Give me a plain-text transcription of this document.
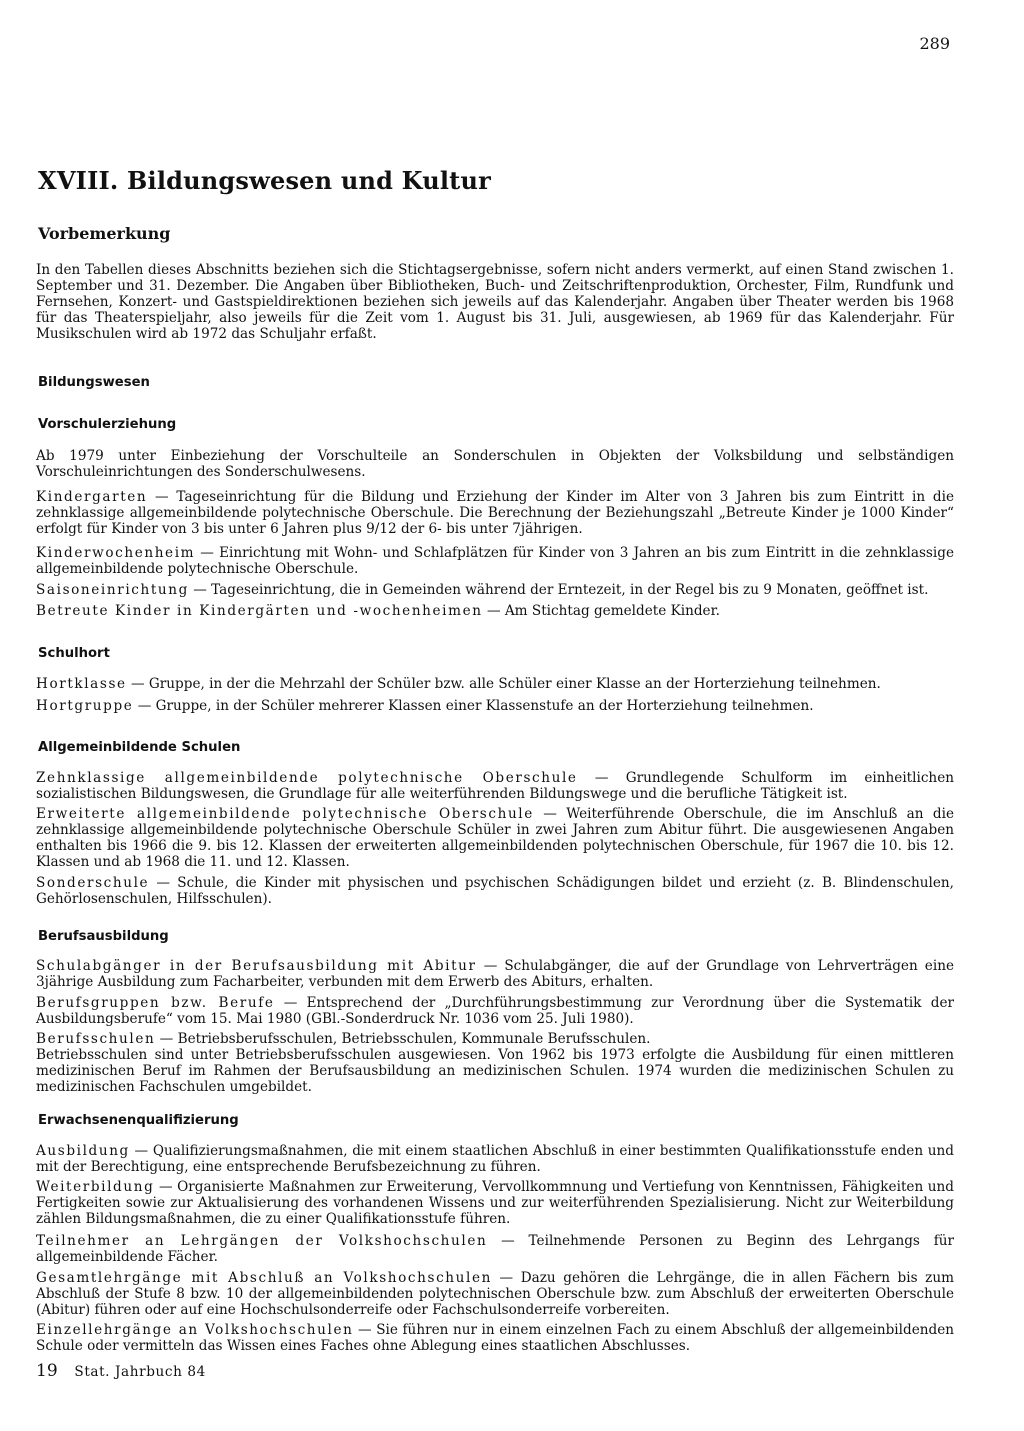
289
XVIII. Bildungswesen und Kultur
Vorbemerkung

In den Tabellen dieses Abschnitts beziehen sich die Stichtagsergebnisse, sofern nicht anders vermerkt, auf einen Stand zwischen 1. September und 31. Dezember. Die Angaben über Bibliotheken, Buch- und Zeitschriftenproduktion, Orchester, Film, Rundfunk und Fernsehen, Konzert- und Gastspieldirektionen beziehen sich jeweils auf das Kalenderjahr. Angaben über Theater werden bis 1968 für das Theaterspieljahr, also jeweils für die Zeit vom 1. August bis 31. Juli, ausgewiesen, ab 1969 für das Kalenderjahr. Für Musikschulen wird ab 1972 das Schuljahr erfaßt.

Bildungswesen
Vorschulerziehung

Ab 1979 unter Einbeziehung der Vorschulteile an Sonderschulen in Objekten der Volksbildung und selbständigen Vorschuleinrichtungen des Sonderschulwesens.

Kindergarten — Tageseinrichtung für die Bildung und Erziehung der Kinder im Alter von 3 Jahren bis zum Eintritt in die zehnklassige allgemeinbildende polytechnische Oberschule. Die Berechnung der Beziehungszahl „Betreute Kinder je 1000 Kinder“ erfolgt für Kinder von 3 bis unter 6 Jahren plus 9/12 der 6- bis unter 7jährigen.

Kinderwochenheim — Einrichtung mit Wohn- und Schlafplätzen für Kinder von 3 Jahren an bis zum Eintritt in die zehnklassige allgemeinbildende polytechnische Oberschule.

Saisoneinrichtung — Tageseinrichtung, die in Gemeinden während der Erntezeit, in der Regel bis zu 9 Monaten, geöffnet ist.

Betreute Kinder in Kindergärten und -wochenheimen — Am Stichtag gemeldete Kinder.

Schulhort

Hortklasse — Gruppe, in der die Mehrzahl der Schüler bzw. alle Schüler einer Klasse an der Horterziehung teilnehmen.

Hortgruppe — Gruppe, in der Schüler mehrerer Klassen einer Klassenstufe an der Horterziehung teilnehmen.

Allgemeinbildende Schulen

Zehnklassige allgemeinbildende polytechnische Oberschule — Grundlegende Schulform im einheitlichen sozialistischen Bildungswesen, die Grundlage für alle weiterführenden Bildungswege und die berufliche Tätigkeit ist.

Erweiterte allgemeinbildende polytechnische Oberschule — Weiterführende Oberschule, die im Anschluß an die zehnklassige allgemeinbildende polytechnische Oberschule Schüler in zwei Jahren zum Abitur führt. Die ausgewiesenen Angaben enthalten bis 1966 die 9. bis 12. Klassen der erweiterten allgemeinbildenden polytechnischen Oberschule, für 1967 die 10. bis 12. Klassen und ab 1968 die 11. und 12. Klassen.

Sonderschule — Schule, die Kinder mit physischen und psychischen Schädigungen bildet und erzieht (z. B. Blindenschulen, Gehörlosenschulen, Hilfsschulen).

Berufsausbildung

Schulabgänger in der Berufsausbildung mit Abitur — Schulabgänger, die auf der Grundlage von Lehrverträgen eine 3jährige Ausbildung zum Facharbeiter, verbunden mit dem Erwerb des Abiturs, erhalten.

Berufsgruppen bzw. Berufe — Entsprechend der „Durchführungsbestimmung zur Verordnung über die Systematik der Ausbildungsberufe“ vom 15. Mai 1980 (GBl.-Sonderdruck Nr. 1036 vom 25. Juli 1980).

Berufsschulen — Betriebsberufsschulen, Betriebsschulen, Kommunale Berufsschulen.

Betriebsschulen sind unter Betriebsberufsschulen ausgewiesen. Von 1962 bis 1973 erfolgte die Ausbildung für einen mittleren medizinischen Beruf im Rahmen der Berufsausbildung an medizinischen Schulen. 1974 wurden die medizinischen Schulen zu medizinischen Fachschulen umgebildet.

Erwachsenenqualifizierung

Ausbildung — Qualifizierungsmaßnahmen, die mit einem staatlichen Abschluß in einer bestimmten Qualifikationsstufe enden und mit der Berechtigung, eine entsprechende Berufsbezeichnung zu führen.

Weiterbildung — Organisierte Maßnahmen zur Erweiterung, Vervollkommnung und Vertiefung von Kenntnissen, Fähigkeiten und Fertigkeiten sowie zur Aktualisierung des vorhandenen Wissens und zur weiterführenden Spezialisierung. Nicht zur Weiterbildung zählen Bildungsmaßnahmen, die zu einer Qualifikationsstufe führen.

Teilnehmer an Lehrgängen der Volkshochschulen — Teilnehmende Personen zu Beginn des Lehrgangs für allgemeinbildende Fächer.

Gesamtlehrgänge mit Abschluß an Volkshochschulen — Dazu gehören die Lehrgänge, die in allen Fächern bis zum Abschluß der Stufe 8 bzw. 10 der allgemeinbildenden polytechnischen Oberschule bzw. zum Abschluß der erweiterten Oberschule (Abitur) führen oder auf eine Hochschulsonderreife oder Fachschulsonderreife vorbereiten.

Einzellehrgänge an Volkshochschulen — Sie führen nur in einem einzelnen Fach zu einem Abschluß der allgemeinbildenden Schule oder vermitteln das Wissen eines Faches ohne Ablegung eines staatlichen Abschlusses.

19 Stat. Jahrbuch 84
